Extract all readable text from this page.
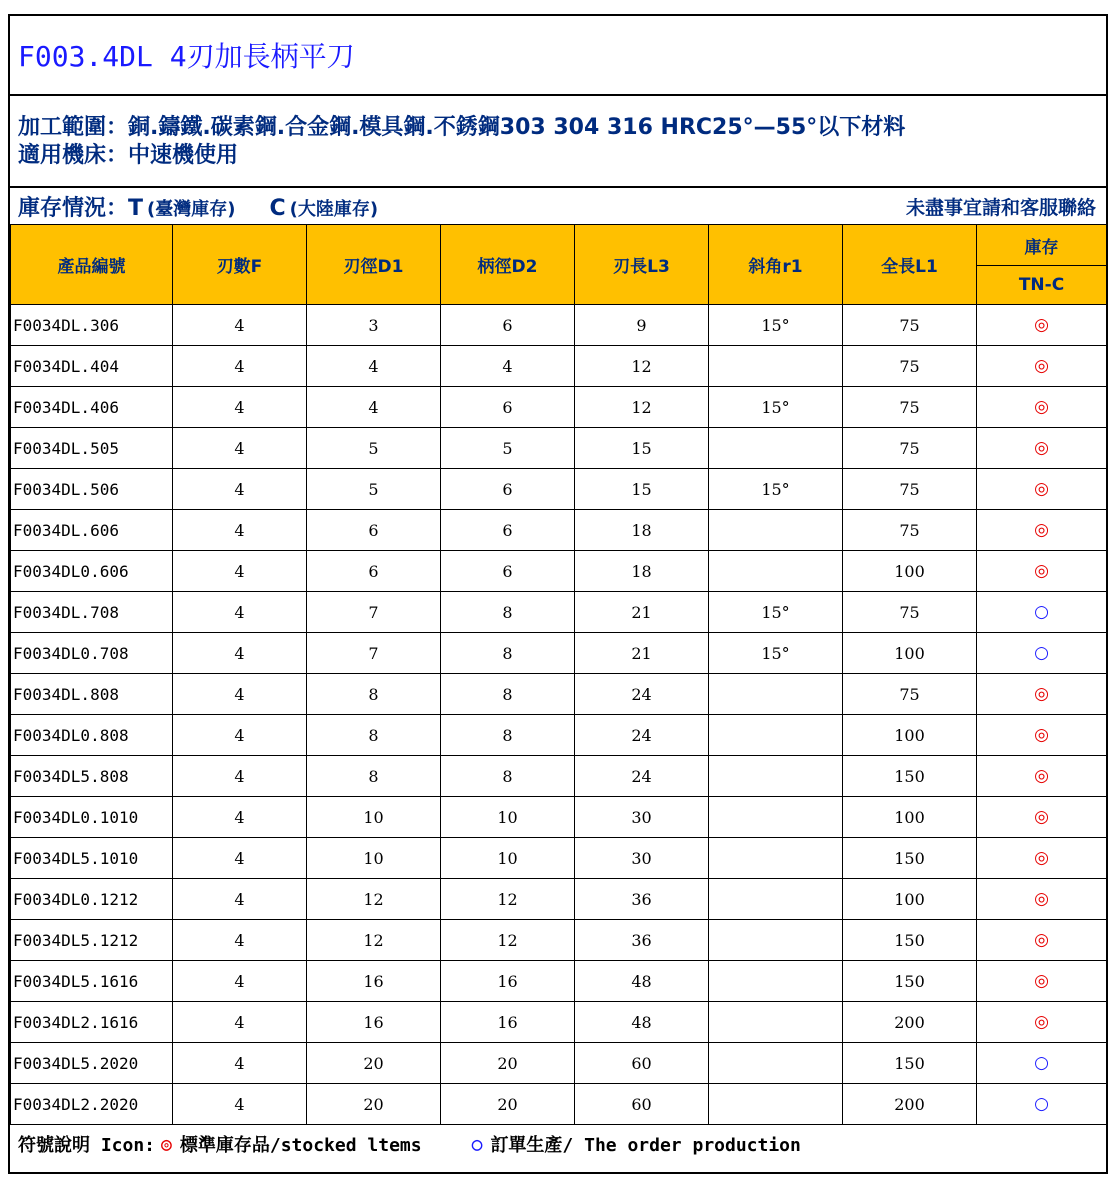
F003.4DL 4刃加長柄平刀
加工範圍：銅.鑄鐵.碳素鋼.合金鋼.模具鋼.不銹鋼303 304 316 HRC25°—55°以下材料
適用機床：中速機使用
庫存情況：T (臺灣庫存) C (大陸庫存)	未盡事宜請和客服聯絡
產品編號	刃數F	刃徑D1	柄徑D2	刃長L3	斜角r1	全長L1	庫存
							TN-C
F0034DL.306	4	3	6	9	15°	75	◎
F0034DL.404	4	4	4	12		75	◎
F0034DL.406	4	4	6	12	15°	75	◎
F0034DL.505	4	5	5	15		75	◎
F0034DL.506	4	5	6	15	15°	75	◎
F0034DL.606	4	6	6	18		75	◎
F0034DL0.606	4	6	6	18		100	◎
F0034DL.708	4	7	8	21	15°	75	○
F0034DL0.708	4	7	8	21	15°	100	○
F0034DL.808	4	8	8	24		75	◎
F0034DL0.808	4	8	8	24		100	◎
F0034DL5.808	4	8	8	24		150	◎
F0034DL0.1010	4	10	10	30		100	◎
F0034DL5.1010	4	10	10	30		150	◎
F0034DL0.1212	4	12	12	36		100	◎
F0034DL5.1212	4	12	12	36		150	◎
F0034DL5.1616	4	16	16	48		150	◎
F0034DL2.1616	4	16	16	48		200	◎
F0034DL5.2020	4	20	20	60		150	○
F0034DL2.2020	4	20	20	60		200	○
符號說明 Icon: ◎ 標準庫存品/stocked ltems	○ 訂單生產/ The order production
